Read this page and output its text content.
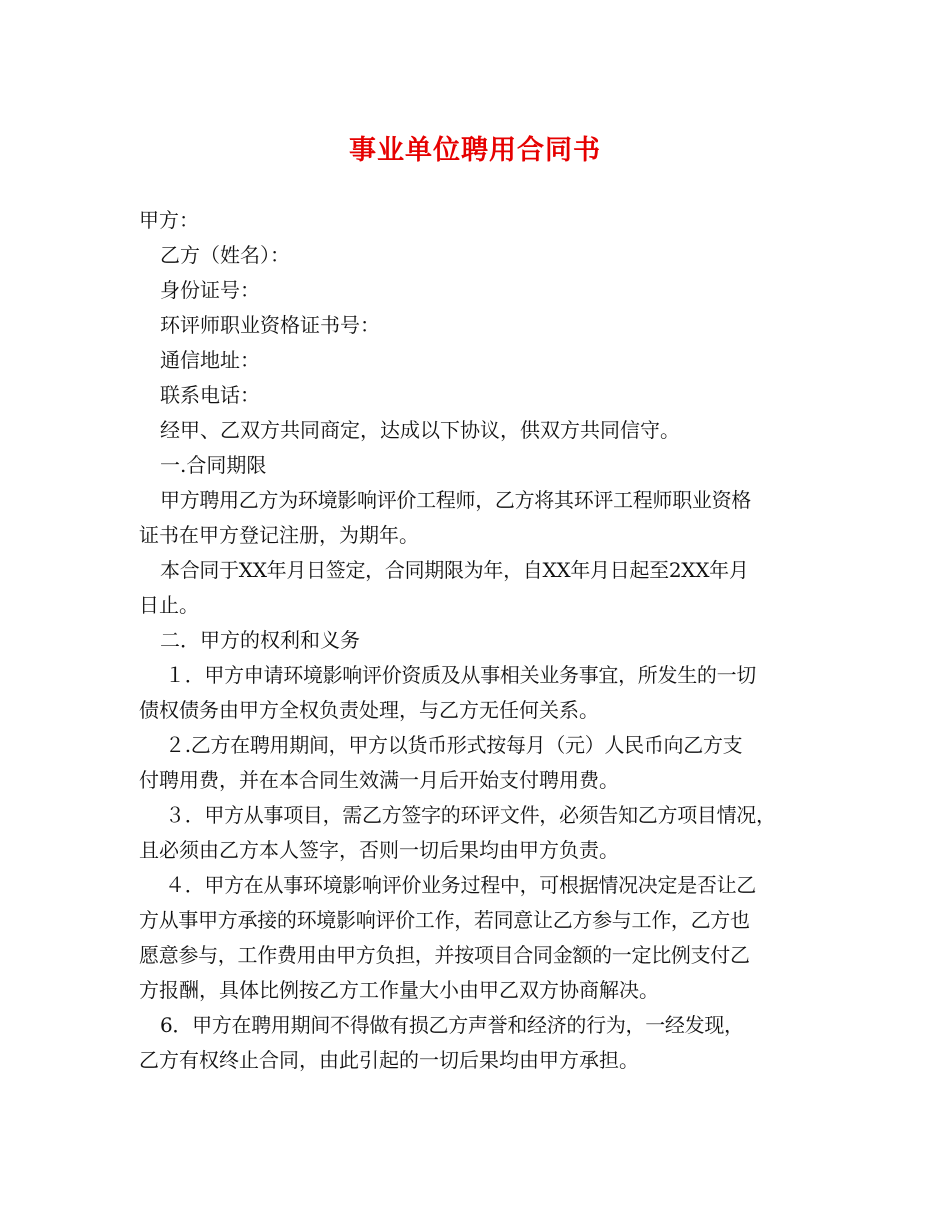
事业单位聘用合同书

甲方：

乙方（姓名）：

身份证号：

环评师职业资格证书号：

通信地址：

联系电话：

经甲、乙双方共同商定，达成以下协议，供双方共同信守。

一.合同期限

甲方聘用乙方为环境影响评价工程师，乙方将其环评工程师职业资格

证书在甲方登记注册，为期年。

本合同于XX年月日签定，合同期限为年，自XX年月日起至2XX年月

日止。

二．甲方的权利和义务

１．甲方申请环境影响评价资质及从事相关业务事宜，所发生的一切

债权债务由甲方全权负责处理，与乙方无任何关系。

２.乙方在聘用期间，甲方以货币形式按每月（元）人民币向乙方支

付聘用费，并在本合同生效满一月后开始支付聘用费。

３．甲方从事项目，需乙方签字的环评文件，必须告知乙方项目情况，

且必须由乙方本人签字，否则一切后果均由甲方负责。

４．甲方在从事环境影响评价业务过程中，可根据情况决定是否让乙

方从事甲方承接的环境影响评价工作，若同意让乙方参与工作，乙方也

愿意参与，工作费用由甲方负担，并按项目合同金额的一定比例支付乙

方报酬，具体比例按乙方工作量大小由甲乙双方协商解决。

6．甲方在聘用期间不得做有损乙方声誉和经济的行为，一经发现，

乙方有权终止合同，由此引起的一切后果均由甲方承担。
